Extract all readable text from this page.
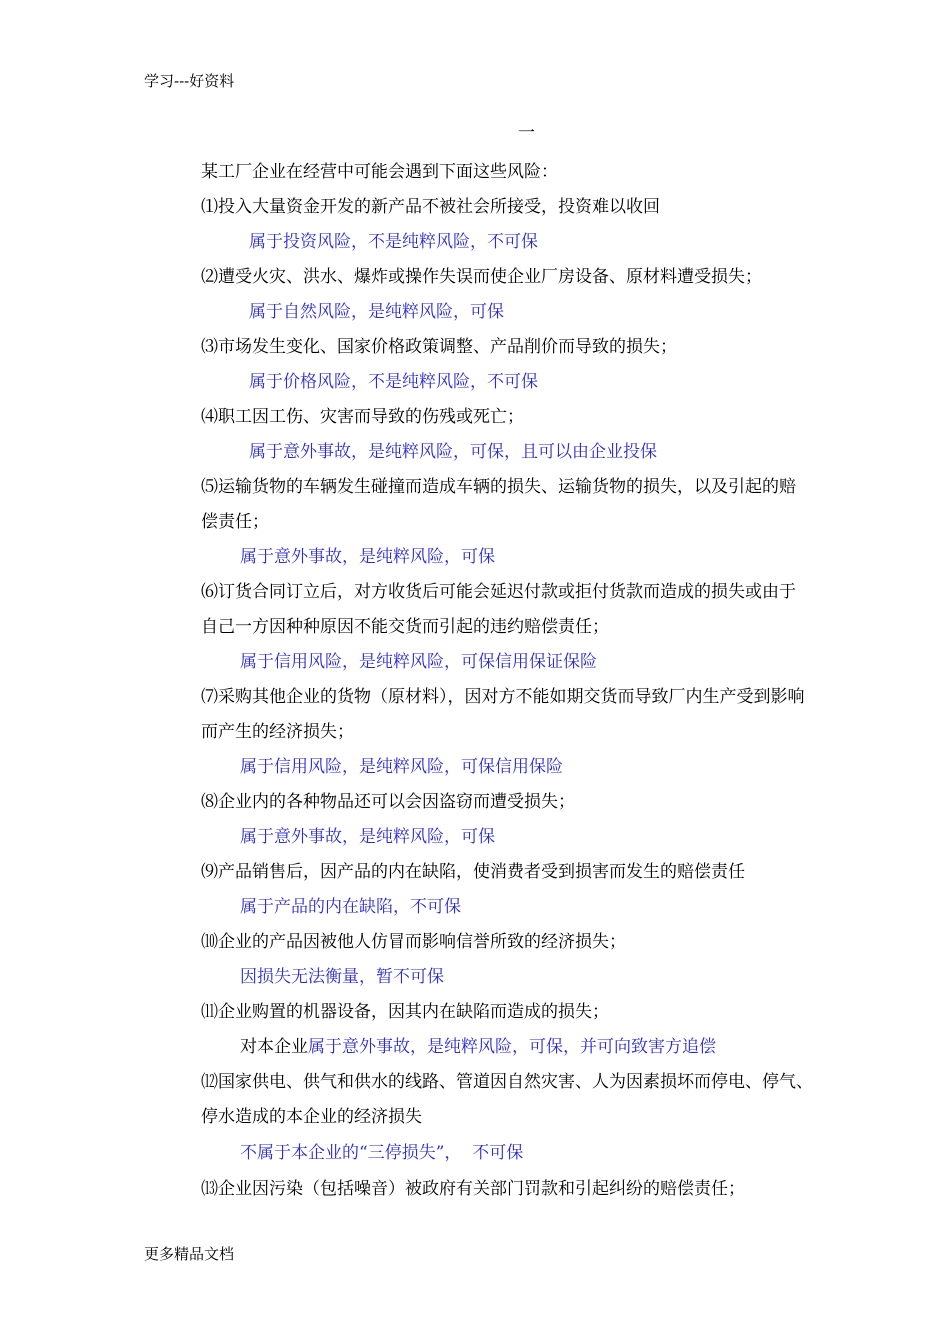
学习---好资料
一
某工厂企业在经营中可能会遇到下面这些风险：
⑴投入大量资金开发的新产品不被社会所接受，投资难以收回
属于投资风险，不是纯粹风险，不可保
⑵遭受火灾、洪水、爆炸或操作失误而使企业厂房设备、原材料遭受损失；
属于自然风险，是纯粹风险，可保
⑶市场发生变化、国家价格政策调整、产品削价而导致的损失；
属于价格风险，不是纯粹风险，不可保
⑷职工因工伤、灾害而导致的伤残或死亡；
属于意外事故，是纯粹风险，可保，且可以由企业投保
⑸运输货物的车辆发生碰撞而造成车辆的损失、运输货物的损失，以及引起的赔
偿责任；
属于意外事故，是纯粹风险，可保
⑹订货合同订立后，对方收货后可能会延迟付款或拒付货款而造成的损失或由于
自己一方因种种原因不能交货而引起的违约赔偿责任；
属于信用风险，是纯粹风险，可保信用保证保险
⑺采购其他企业的货物（原材料），因对方不能如期交货而导致厂内生产受到影响
而产生的经济损失；
属于信用风险，是纯粹风险，可保信用保险
⑻企业内的各种物品还可以会因盗窃而遭受损失；
属于意外事故，是纯粹风险，可保
⑼产品销售后，因产品的内在缺陷，使消费者受到损害而发生的赔偿责任
属于产品的内在缺陷，不可保
⑽企业的产品因被他人仿冒而影响信誉所致的经济损失；
因损失无法衡量，暂不可保
⑾企业购置的机器设备，因其内在缺陷而造成的损失；
对本企业属于意外事故，是纯粹风险，可保，并可向致害方追偿
⑿国家供电、供气和供水的线路、管道因自然灾害、人为因素损坏而停电、停气、
停水造成的本企业的经济损失
不属于本企业的“三停损失”，  不可保
⒀企业因污染（包括噪音）被政府有关部门罚款和引起纠纷的赔偿责任；
更多精品文档
